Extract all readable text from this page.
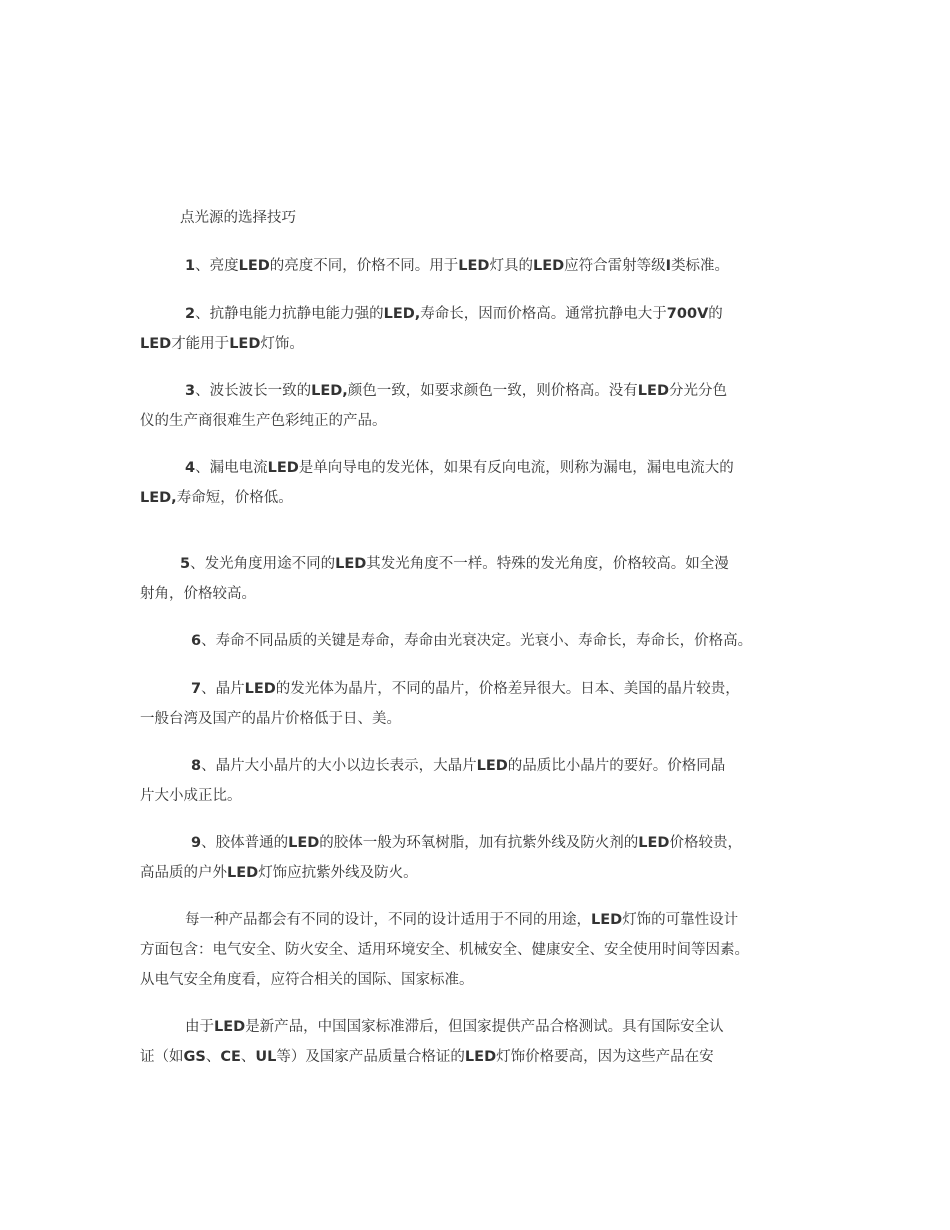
点光源的选择技巧
1、亮度LED的亮度不同，价格不同。用于LED灯具的LED应符合雷射等级I类标准。
2、抗静电能力抗静电能力强的LED,寿命长，因而价格高。通常抗静电大于700V的
LED才能用于LED灯饰。
3、波长波长一致的LED,颜色一致，如要求颜色一致，则价格高。没有LED分光分色
仪的生产商很难生产色彩纯正的产品。
4、漏电电流LED是单向导电的发光体，如果有反向电流，则称为漏电，漏电电流大的
LED,寿命短，价格低。
5、发光角度用途不同的LED其发光角度不一样。特殊的发光角度，价格较高。如全漫
射角，价格较高。
6、寿命不同品质的关键是寿命，寿命由光衰决定。光衰小、寿命长，寿命长，价格高。
7、晶片LED的发光体为晶片，不同的晶片，价格差异很大。日本、美国的晶片较贵，
一般台湾及国产的晶片价格低于日、美。
8、晶片大小晶片的大小以边长表示，大晶片LED的品质比小晶片的要好。价格同晶
片大小成正比。
9、胶体普通的LED的胶体一般为环氧树脂，加有抗紫外线及防火剂的LED价格较贵，
高品质的户外LED灯饰应抗紫外线及防火。
每一种产品都会有不同的设计，不同的设计适用于不同的用途，LED灯饰的可靠性设计
方面包含：电气安全、防火安全、适用环境安全、机械安全、健康安全、安全使用时间等因素。
从电气安全角度看，应符合相关的国际、国家标准。
由于LED是新产品，中国国家标准滞后，但国家提供产品合格测试。具有国际安全认
证（如GS、CE、UL等）及国家产品质量合格证的LED灯饰价格要高，因为这些产品在安
